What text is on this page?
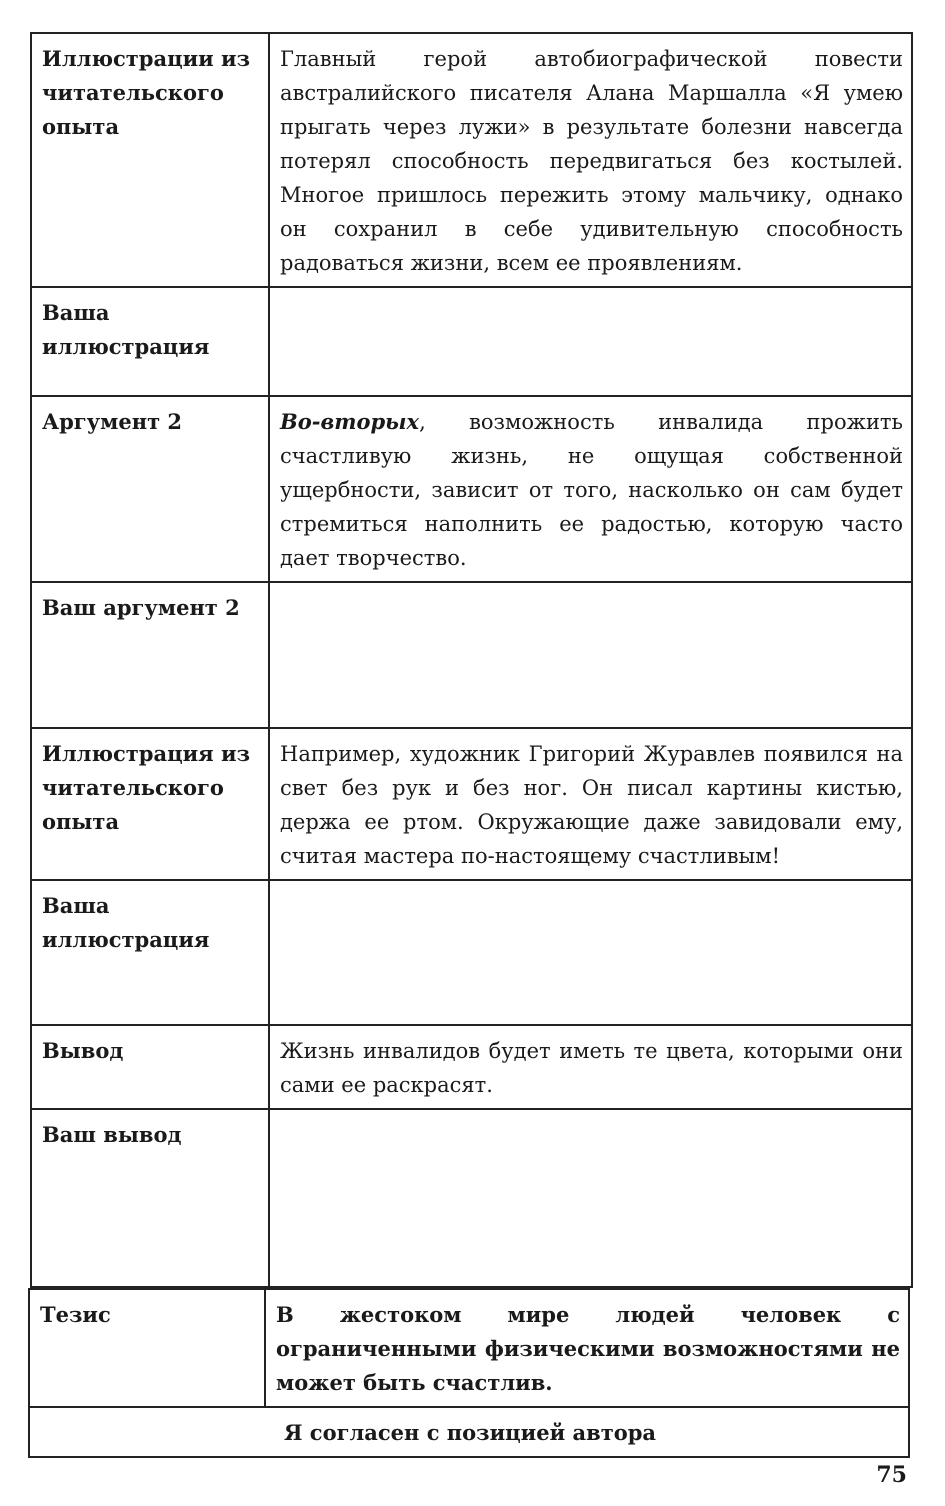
Иллюстрации из читательского опыта	Главный герой автобиографической повести австралийского писателя Алана Маршалла «Я умею прыгать через лужи» в результате болезни навсегда потерял способность передвигаться без костылей. Многое пришлось пережить этому мальчику, однако он сохранил в себе удивительную способность радоваться жизни, всем ее проявлениям.
Ваша иллюстрация	
Аргумент 2	Во-вторых, возможность инвалида прожить счастливую жизнь, не ощущая собственной ущербности, зависит от того, насколько он сам будет стремиться наполнить ее радостью, которую часто дает творчество.
Ваш аргумент 2	
Иллюстрация из читательского опыта	Например, художник Григорий Журавлев появился на свет без рук и без ног. Он писал картины кистью, держа ее ртом. Окружающие даже завидовали ему, считая мастера по-настоящему счастливым!
Ваша иллюстрация	
Вывод	Жизнь инвалидов будет иметь те цвета, которыми они сами ее раскрасят.
Ваш вывод	
Тезис	В жестоком мире людей человек с ограниченными физическими возможностями не может быть счастлив.
Я согласен с позицией автора
75
